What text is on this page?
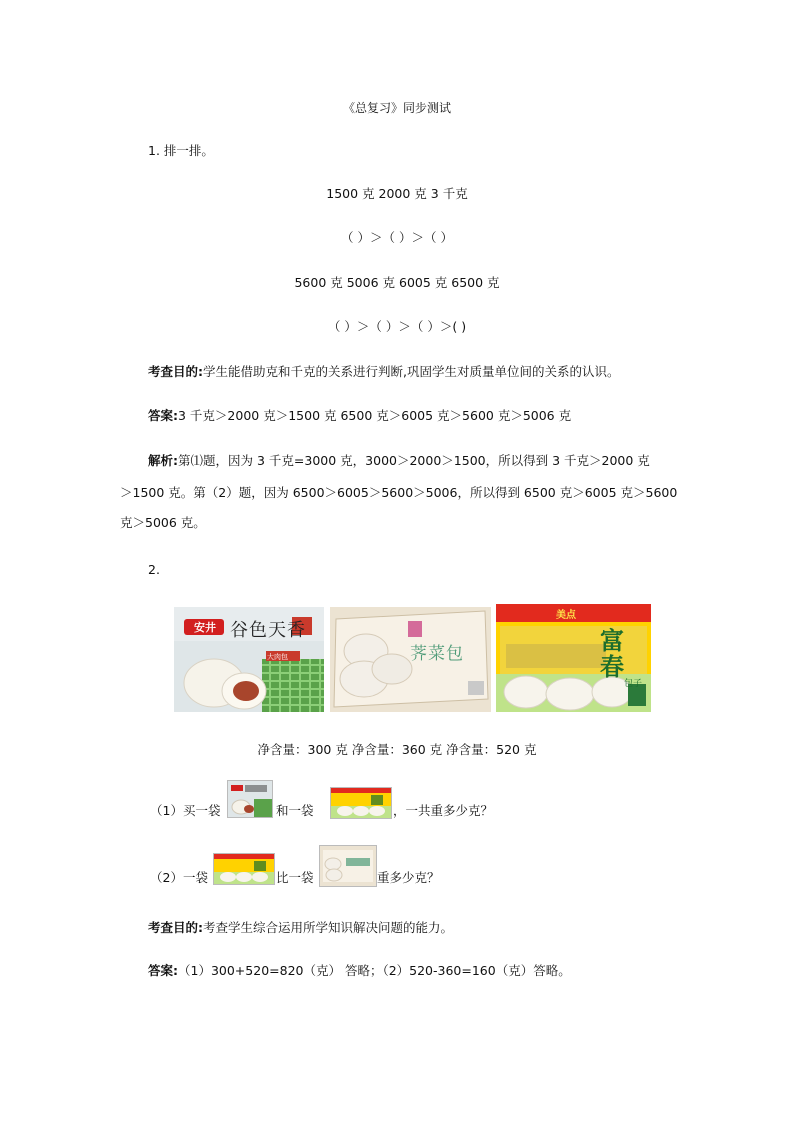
《总复习》同步测试
1. 排一排。
1500 克 2000 克 3 千克
（ ）＞（ ）＞（ ）
5600 克 5006 克 6005 克 6500 克
（ ）＞（ ）＞（ ）＞( )
考查目的:学生能借助克和千克的关系进行判断,巩固学生对质量单位间的关系的认识。
答案:3 千克＞2000 克＞1500 克 6500 克＞6005 克＞5600 克＞5006 克
解析:第⑴题，因为 3 千克=3000 克，3000＞2000＞1500，所以得到 3 千克＞2000 克
＞1500 克。第（2）题，因为 6500＞6005＞5600＞5006，所以得到 6500 克＞6005 克＞5600
克＞5006 克。
2.
安井 谷色天香
大肉包	荠菜包
美点
富春
包子
净含量：300 克 净含量：360 克 净含量：520 克
（1）买一袋	和一袋	，一共重多少克？
（2）一袋	比一袋	重多少克？
考查目的:考查学生综合运用所学知识解决问题的能力。
答案:（1）300+520=820（克） 答略；（2）520-360=160（克）答略。
